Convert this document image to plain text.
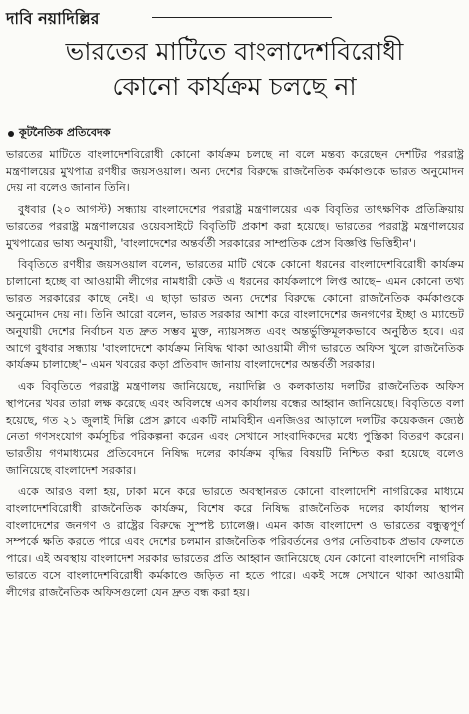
দাবি নয়াদিল্লির
ভারতের মাটিতে বাংলাদেশবিরোধী
কোনো কার্যক্রম চলছে না
কূটনৈতিক প্রতিবেদক

ভারতের মাটিতে বাংলাদেশবিরোধী কোনো কার্যক্রম চলছে না বলে মন্তব্য করেছেন দেশটির পররাষ্ট্র মন্ত্রণালয়ের মুখপাত্র রণধীর জয়সওয়াল। অন্য দেশের বিরুদ্ধে রাজনৈতিক কর্মকাণ্ডকে ভারত অনুমোদন দেয় না বলেও জানান তিনি।

বুধবার (২০ আগস্ট) সন্ধ্যায় বাংলাদেশের পররাষ্ট্র মন্ত্রণালয়ের এক বিবৃতির তাৎক্ষণিক প্রতিক্রিয়ায় ভারতের পররাষ্ট্র মন্ত্রণালয়ের ওয়েবসাইটে বিবৃতিটি প্রকাশ করা হয়েছে। ভারতের পররাষ্ট্র মন্ত্রণালয়ের মুখপাত্রের ভাষ্য অনুযায়ী, 'বাংলাদেশের অন্তর্বর্তী সরকারের সাম্প্রতিক প্রেস বিজ্ঞপ্তি ভিত্তিহীন'।

বিবৃতিতে রণধীর জয়সওয়াল বলেন, ভারতের মাটি থেকে কোনো ধরনের বাংলাদেশবিরোধী কার্যক্রম চালানো হচ্ছে বা আওয়ামী লীগের নামধারী কেউ এ ধরনের কার্যকলাপে লিপ্ত আছে– এমন কোনো তথ্য ভারত সরকারের কাছে নেই। এ ছাড়া ভারত অন্য দেশের বিরুদ্ধে কোনো রাজনৈতিক কর্মকাণ্ডকে অনুমোদন দেয় না। তিনি আরো বলেন, ভারত সরকার আশা করে বাংলাদেশের জনগণের ইচ্ছা ও ম্যান্ডেট অনুযায়ী দেশের নির্বাচন যত দ্রুত সম্ভব মুক্ত, ন্যায়সঙ্গত এবং অন্তর্ভুক্তিমূলকভাবে অনুষ্ঠিত হবে। এর আগে বুধবার সন্ধ্যায় 'বাংলাদেশে কার্যক্রম নিষিদ্ধ থাকা আওয়ামী লীগ ভারতে অফিস খুলে রাজনৈতিক কার্যক্রম চালাচ্ছে'– এমন খবরের কড়া প্রতিবাদ জানায় বাংলাদেশের অন্তর্বর্তী সরকার।

এক বিবৃতিতে পররাষ্ট্র মন্ত্রণালয় জানিয়েছে, নয়াদিল্লি ও কলকাতায় দলটির রাজনৈতিক অফিস স্থাপনের খবর তারা লক্ষ করেছে এবং অবিলম্বে এসব কার্যালয় বন্ধের আহ্বান জানিয়েছে। বিবৃতিতে বলা হয়েছে, গত ২১ জুলাই দিল্লি প্রেস ক্লাবে একটি নামবিহীন এনজিওর আড়ালে দলটির কয়েকজন জ্যেষ্ঠ নেতা গণসংযোগ কর্মসূচির পরিকল্পনা করেন এবং সেখানে সাংবাদিকদের মধ্যে পুস্তিকা বিতরণ করেন। ভারতীয় গণমাধ্যমের প্রতিবেদনে নিষিদ্ধ দলের কার্যক্রম বৃদ্ধির বিষয়টি নিশ্চিত করা হয়েছে বলেও জানিয়েছে বাংলাদেশ সরকার।

একে আরও বলা হয়, ঢাকা মনে করে ভারতে অবস্থানরত কোনো বাংলাদেশি নাগরিকের মাধ্যমে বাংলাদেশবিরোধী রাজনৈতিক কার্যক্রম, বিশেষ করে নিষিদ্ধ রাজনৈতিক দলের কার্যালয় স্থাপন বাংলাদেশের জনগণ ও রাষ্ট্রের বিরুদ্ধে সুস্পষ্ট চ্যালেঞ্জ। এমন কাজ বাংলাদেশ ও ভারতের বন্ধুত্বপূর্ণ সম্পর্কে ক্ষতি করতে পারে এবং দেশের চলমান রাজনৈতিক পরিবর্তনের ওপর নেতিবাচক প্রভাব ফেলতে পারে। এই অবস্থায় বাংলাদেশ সরকার ভারতের প্রতি আহ্বান জানিয়েছে যেন কোনো বাংলাদেশি নাগরিক ভারতে বসে বাংলাদেশবিরোধী কর্মকাণ্ডে জড়িত না হতে পারে। একই সঙ্গে সেখানে থাকা আওয়ামী লীগের রাজনৈতিক অফিসগুলো যেন দ্রুত বন্ধ করা হয়।
